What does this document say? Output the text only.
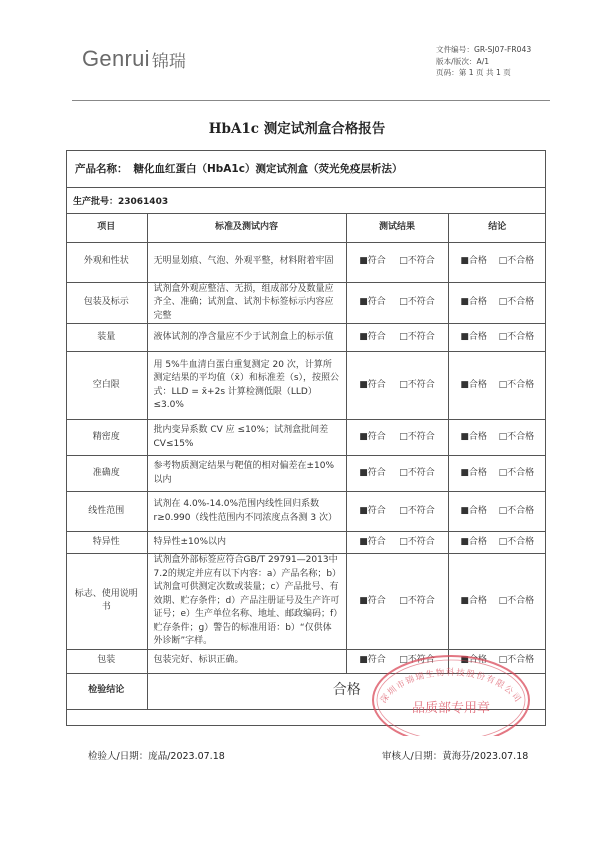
Genrui 锦瑞
文件编号：GR-SJ07-FR043
版本/版次：A/1
页码：第 1 页 共 1 页
HbA1c 测定试剂盒合格报告
产品名称： 糖化血红蛋白（HbA1c）测定试剂盒（荧光免疫层析法）
生产批号：23061403
项目	标准及测试内容	测试结果	结论
外观和性状	无明显划痕、气泡、外观平整，材料附着牢固	■符合 □不符合	■合格 □不合格

包装及标示	试剂盒外观应整洁、无损，组成部分及数量应齐全、准确；试剂盒、试剂卡标签标示内容应完整	■符合 □不符合	■合格 □不合格

装量	液体试剂的净含量应不少于试剂盒上的标示值	■符合 □不符合	■合格 □不合格

空白限	用 5%牛血清白蛋白重复测定 20 次，计算所测定结果的平均值（x̄）和标准差（s），按照公式：LLD = x̄+2s 计算检测低限（LLD）≤3.0%	■符合 □不符合	■合格 □不合格

精密度	批内变异系数 CV 应 ≤10%；试剂盒批间差CV≤15%	■符合 □不符合	■合格 □不合格

准确度	参考物质测定结果与靶值的相对偏差在±10%以内	■符合 □不符合	■合格 □不合格

线性范围	试剂在 4.0%-14.0%范围内线性回归系数 r≥0.990（线性范围内不同浓度点各测 3 次）	■符合 □不符合	■合格 □不合格

特异性	特异性±10%以内	■符合 □不符合	■合格 □不合格

标志、使用说明书	试剂盒外部标签应符合GB/T 29791—2013中7.2的规定并应有以下内容：a）产品名称；b）试剂盒可供测定次数或装量；c）产品批号、有效期、贮存条件；d）产品注册证号及生产许可证号；e）生产单位名称、地址、邮政编码；f）贮存条件；g）警告的标准用语：b）“仅供体外诊断”字样。	■符合 □不符合	■合格 □不合格

包装	包装完好、标识正确。	■符合 □不符合	■合格 □不合格

检验结论	合格		
检验人/日期：庞晶/2023.07.18	审核人/日期：黄海芬/2023.07.18
深圳市锦瑞生物科技股份有限公司
品质部专用章
